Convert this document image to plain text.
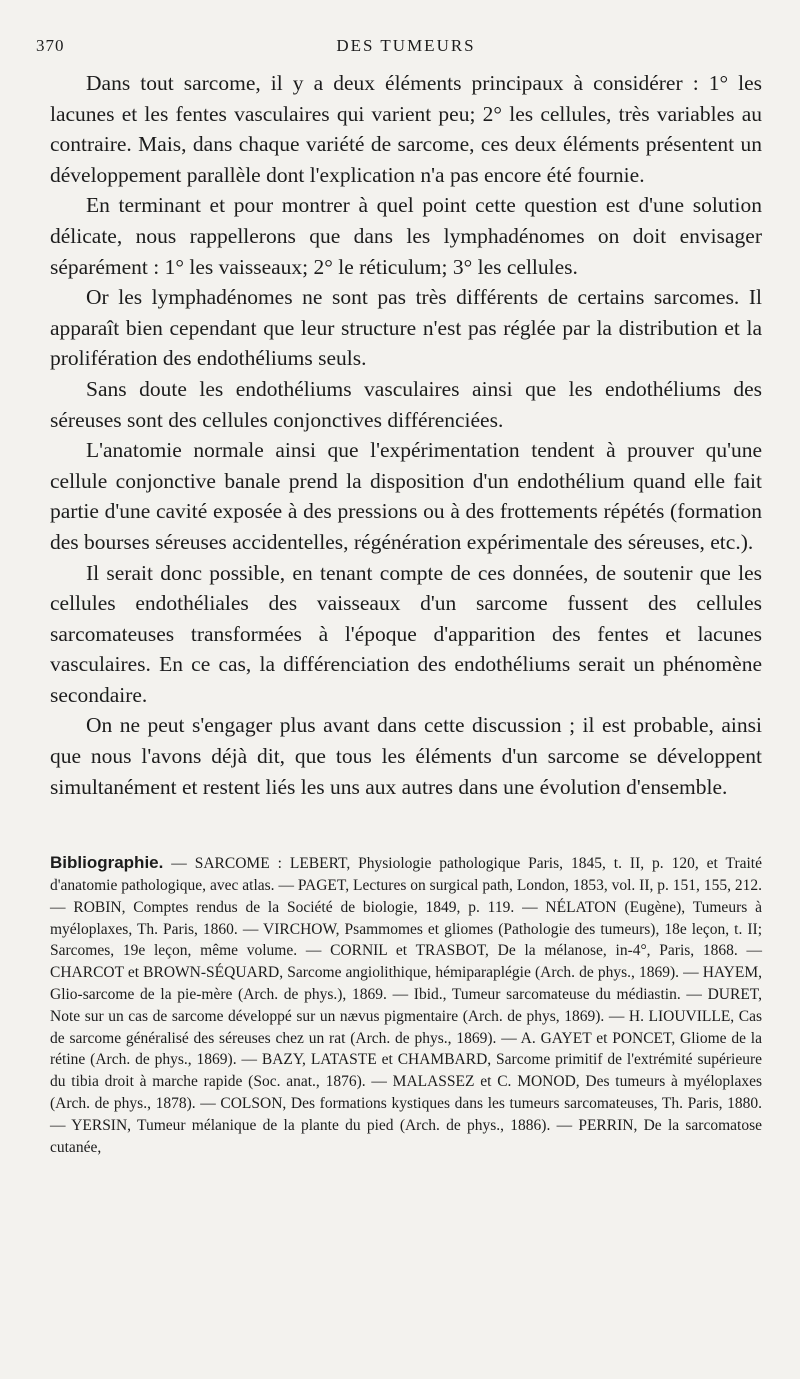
370	DES TUMEURS

Dans tout sarcome, il y a deux éléments principaux à considérer : 1° les lacunes et les fentes vasculaires qui varient peu; 2° les cellules, très variables au contraire. Mais, dans chaque variété de sarcome, ces deux éléments présentent un développement parallèle dont l'explication n'a pas encore été fournie.

En terminant et pour montrer à quel point cette question est d'une solution délicate, nous rappellerons que dans les lymphadénomes on doit envisager séparément : 1° les vaisseaux; 2° le réticulum; 3° les cellules.

Or les lymphadénomes ne sont pas très différents de certains sarcomes. Il apparaît bien cependant que leur structure n'est pas réglée par la distribution et la prolifération des endothéliums seuls.

Sans doute les endothéliums vasculaires ainsi que les endothéliums des séreuses sont des cellules conjonctives différenciées.

L'anatomie normale ainsi que l'expérimentation tendent à prouver qu'une cellule conjonctive banale prend la disposition d'un endothélium quand elle fait partie d'une cavité exposée à des pressions ou à des frottements répétés (formation des bourses séreuses accidentelles, régénération expérimentale des séreuses, etc.).

Il serait donc possible, en tenant compte de ces données, de soutenir que les cellules endothéliales des vaisseaux d'un sarcome fussent des cellules sarcomateuses transformées à l'époque d'apparition des fentes et lacunes vasculaires. En ce cas, la différenciation des endothéliums serait un phénomène secondaire.

On ne peut s'engager plus avant dans cette discussion ; il est probable, ainsi que nous l'avons déjà dit, que tous les éléments d'un sarcome se développent simultanément et restent liés les uns aux autres dans une évolution d'ensemble.

Bibliographie. — SARCOME : LEBERT, Physiologie pathologique Paris, 1845, t. II, p. 120, et Traité d'anatomie pathologique, avec atlas. — PAGET, Lectures on surgical path, London, 1853, vol. II, p. 151, 155, 212. — ROBIN, Comptes rendus de la Société de biologie, 1849, p. 119. — NÉLATON (Eugène), Tumeurs à myéloplaxes, Th. Paris, 1860. — VIRCHOW, Psammomes et gliomes (Pathologie des tumeurs), 18e leçon, t. II; Sarcomes, 19e leçon, même volume. — CORNIL et TRASBOT, De la mélanose, in-4°, Paris, 1868. — CHARCOT et BROWN-SÉQUARD, Sarcome angiolithique, hémiparaplégie (Arch. de phys., 1869). — HAYEM, Glio-sarcome de la pie-mère (Arch. de phys.), 1869. — Ibid., Tumeur sarcomateuse du médiastin. — DURET, Note sur un cas de sarcome développé sur un nævus pigmentaire (Arch. de phys, 1869). — H. LIOUVILLE, Cas de sarcome généralisé des séreuses chez un rat (Arch. de phys., 1869). — A. GAYET et PONCET, Gliome de la rétine (Arch. de phys., 1869). — BAZY, LATASTE et CHAMBARD, Sarcome primitif de l'extrémité supérieure du tibia droit à marche rapide (Soc. anat., 1876). — MALASSEZ et C. MONOD, Des tumeurs à myéloplaxes (Arch. de phys., 1878). — COLSON, Des formations kystiques dans les tumeurs sarcomateuses, Th. Paris, 1880. — YERSIN, Tumeur mélanique de la plante du pied (Arch. de phys., 1886). — PERRIN, De la sarcomatose cutanée,
